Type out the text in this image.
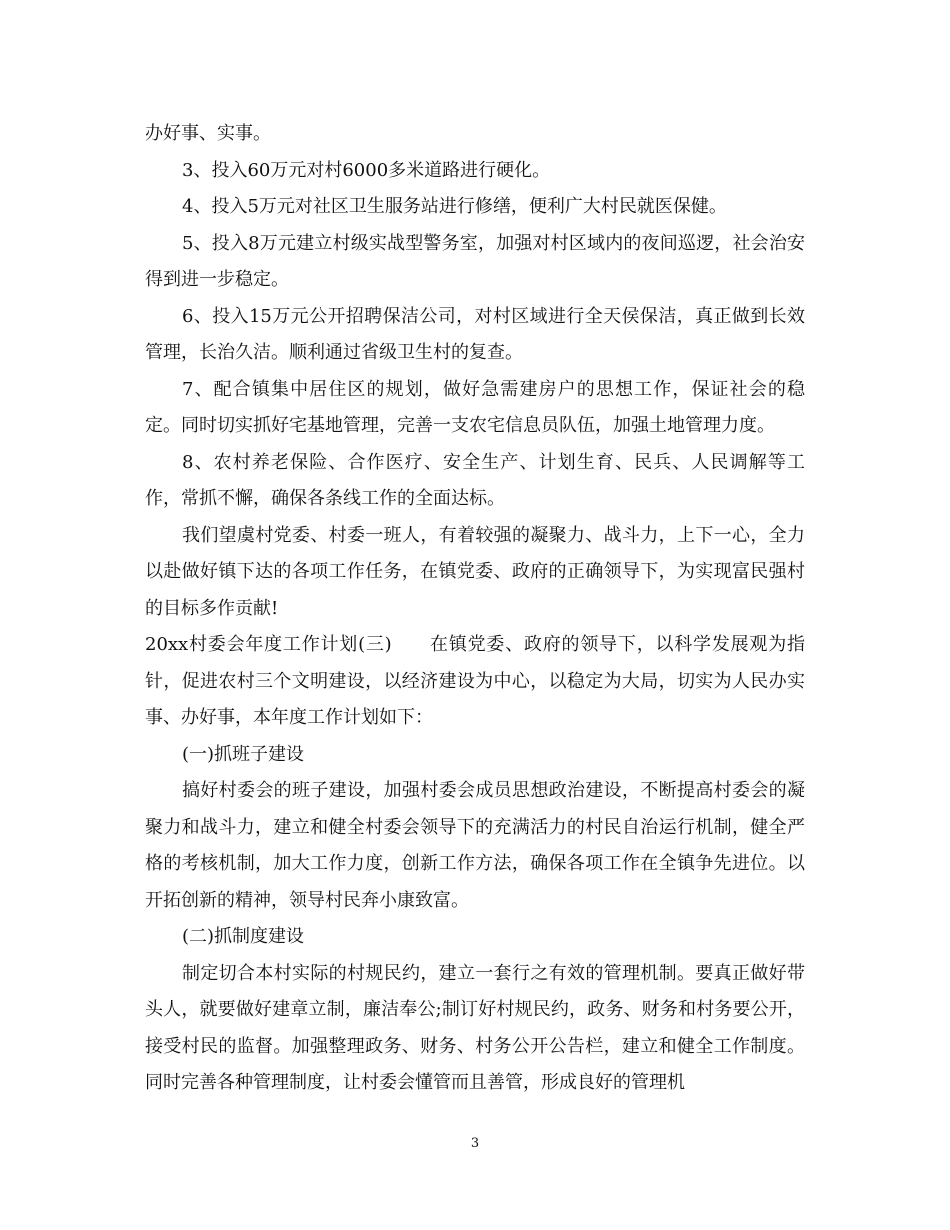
办好事、实事。

3、投入60万元对村6000多米道路进行硬化。

4、投入5万元对社区卫生服务站进行修缮，便利广大村民就医保健。

5、投入8万元建立村级实战型警务室，加强对村区域内的夜间巡逻，社会治安得到进一步稳定。

6、投入15万元公开招聘保洁公司，对村区域进行全天侯保洁，真正做到长效管理，长治久洁。顺利通过省级卫生村的复查。

7、配合镇集中居住区的规划，做好急需建房户的思想工作，保证社会的稳定。同时切实抓好宅基地管理，完善一支农宅信息员队伍，加强土地管理力度。

8、农村养老保险、合作医疗、安全生产、计划生育、民兵、人民调解等工作，常抓不懈，确保各条线工作的全面达标。

我们望虞村党委、村委一班人，有着较强的凝聚力、战斗力，上下一心，全力以赴做好镇下达的各项工作任务，在镇党委、政府的正确领导下，为实现富民强村的目标多作贡献!

20xx村委会年度工作计划(三)　　 在镇党委、政府的领导下，以科学发展观为指针，促进农村三个文明建设，以经济建设为中心，以稳定为大局，切实为人民办实事、办好事，本年度工作计划如下：

(一)抓班子建设

搞好村委会的班子建设，加强村委会成员思想政治建设，不断提高村委会的凝聚力和战斗力，建立和健全村委会领导下的充满活力的村民自治运行机制，健全严格的考核机制，加大工作力度，创新工作方法，确保各项工作在全镇争先进位。以开拓创新的精神，领导村民奔小康致富。

(二)抓制度建设

制定切合本村实际的村规民约，建立一套行之有效的管理机制。要真正做好带头人，就要做好建章立制，廉洁奉公;制订好村规民约，政务、财务和村务要公开，接受村民的监督。加强整理政务、财务、村务公开公告栏，建立和健全工作制度。同时完善各种管理制度，让村委会懂管而且善管，形成良好的管理机

3
